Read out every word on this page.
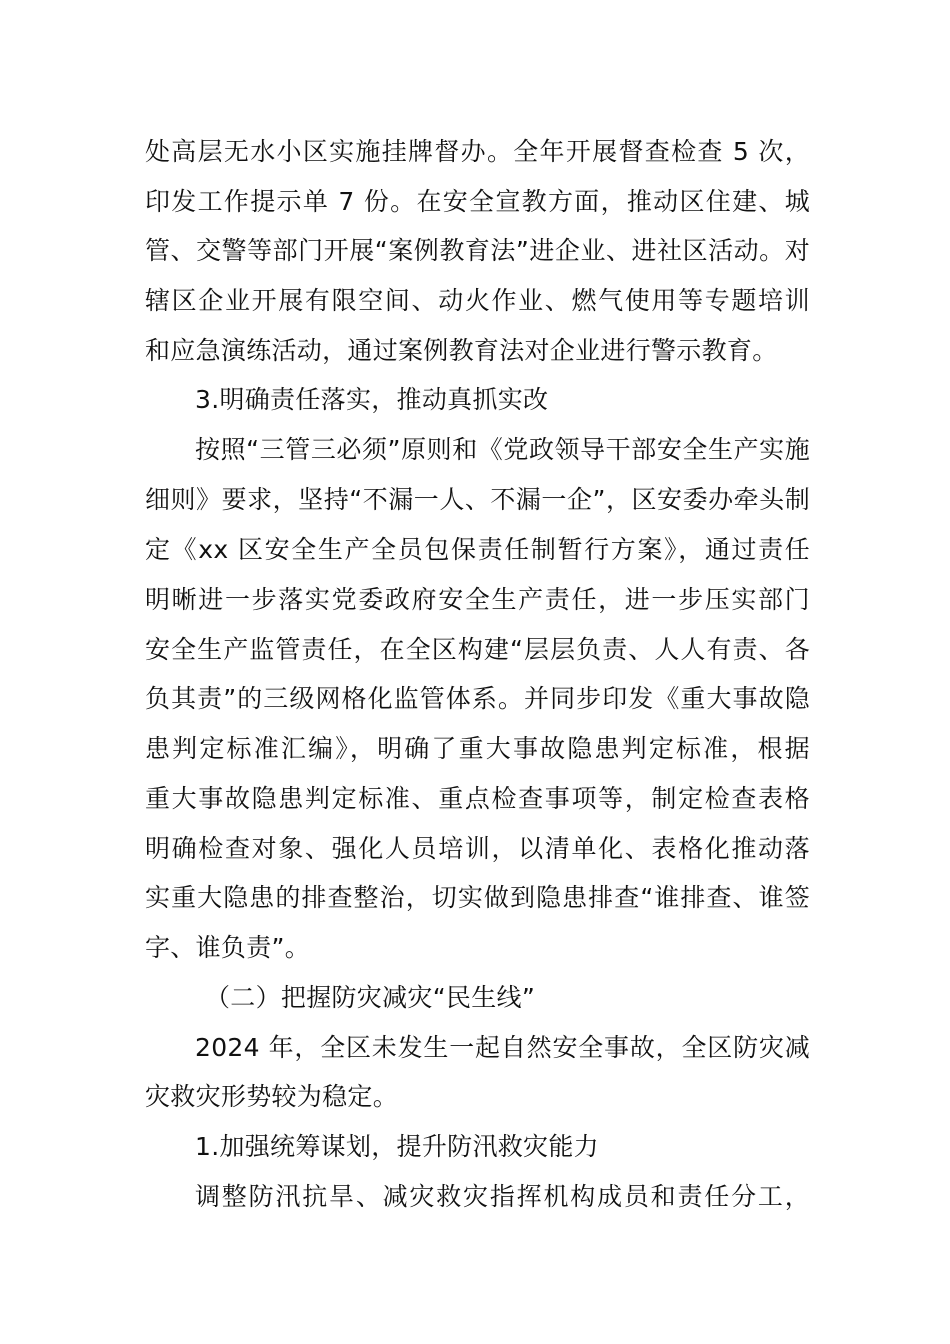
处高层无水小区实施挂牌督办。全年开展督查检查 5 次，
印发工作提示单 7 份。在安全宣教方面，推动区住建、城
管、交警等部门开展“案例教育法”进企业、进社区活动。对
辖区企业开展有限空间、动火作业、燃气使用等专题培训
和应急演练活动，通过案例教育法对企业进行警示教育。
3.明确责任落实，推动真抓实改
按照“三管三必须”原则和《党政领导干部安全生产实施
细则》要求，坚持“不漏一人、不漏一企”，区安委办牵头制
定《xx 区安全生产全员包保责任制暂行方案》，通过责任
明晰进一步落实党委政府安全生产责任，进一步压实部门
安全生产监管责任，在全区构建“层层负责、人人有责、各
负其责”的三级网格化监管体系。并同步印发《重大事故隐
患判定标准汇编》，明确了重大事故隐患判定标准，根据
重大事故隐患判定标准、重点检查事项等，制定检查表格
明确检查对象、强化人员培训，以清单化、表格化推动落
实重大隐患的排查整治，切实做到隐患排查“谁排查、谁签
字、谁负责”。
（二）把握防灾减灾“民生线”
2024 年，全区未发生一起自然安全事故，全区防灾减
灾救灾形势较为稳定。
1.加强统筹谋划，提升防汛救灾能力
调整防汛抗旱、减灾救灾指挥机构成员和责任分工，
